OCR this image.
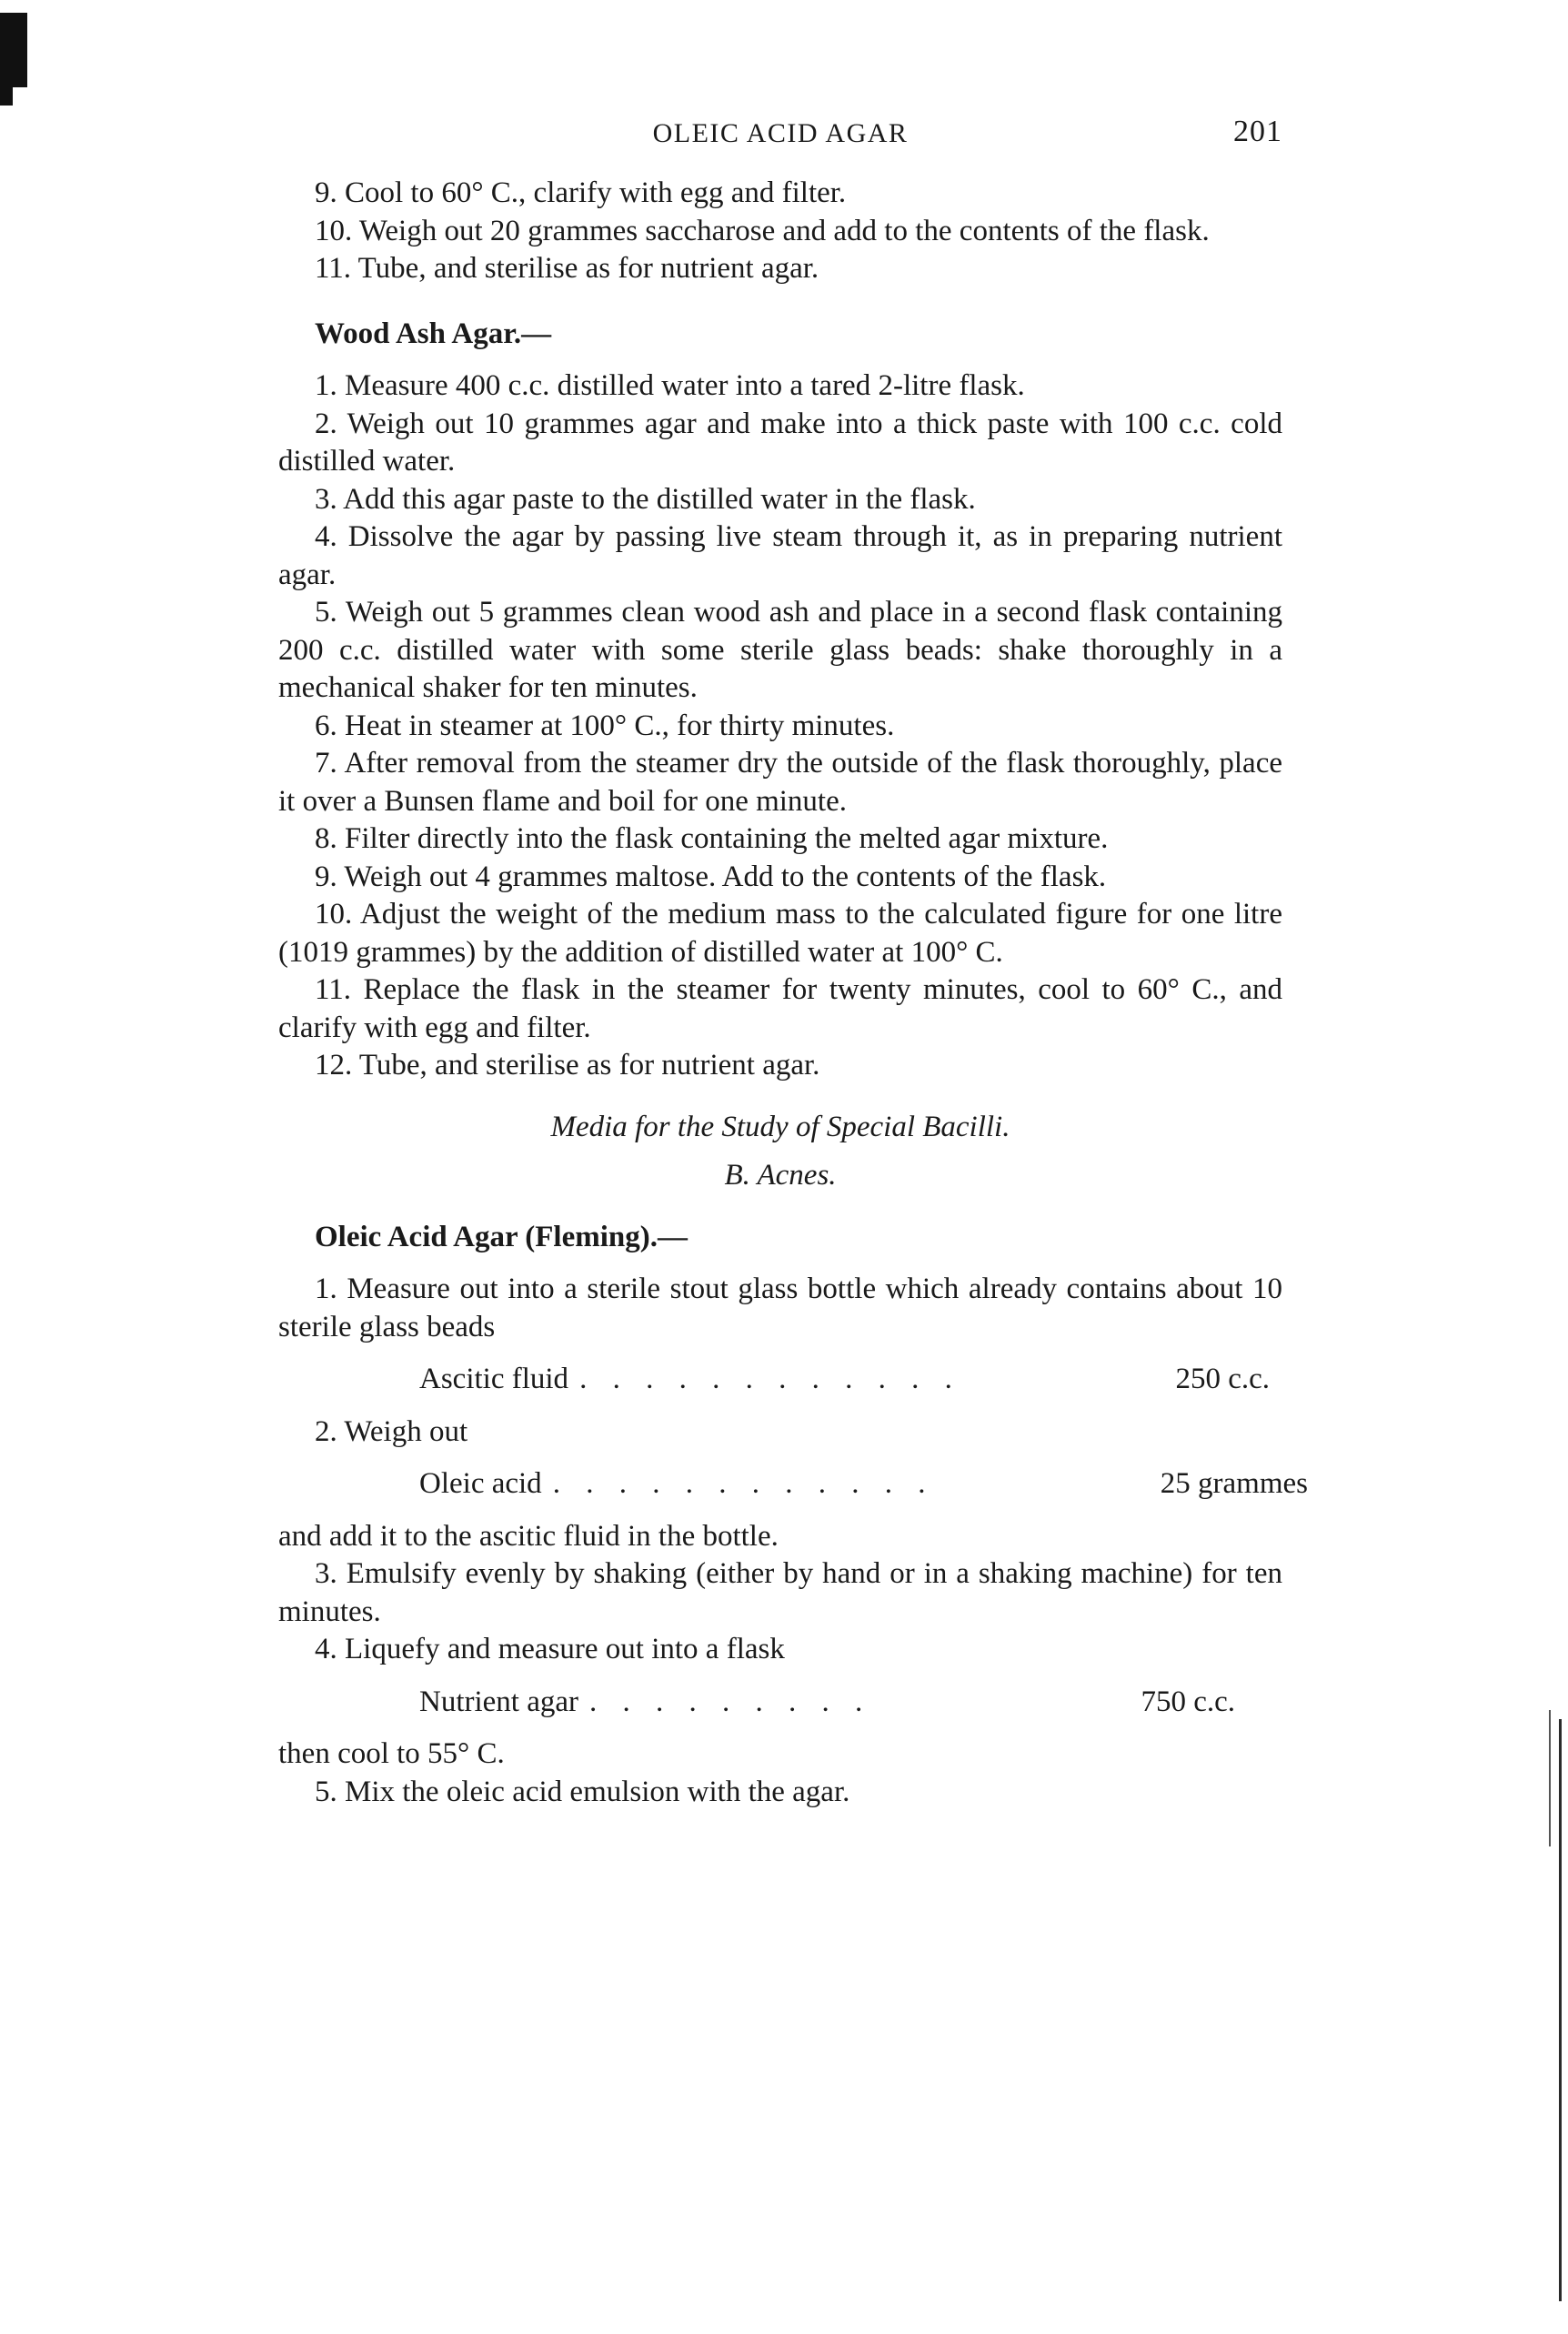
OLEIC ACID AGAR	201

9. Cool to 60° C., clarify with egg and filter.

10. Weigh out 20 grammes saccharose and add to the contents of the flask.

11. Tube, and sterilise as for nutrient agar.

Wood Ash Agar.—

1. Measure 400 c.c. distilled water into a tared 2-litre flask.

2. Weigh out 10 grammes agar and make into a thick paste with 100 c.c. cold distilled water.

3. Add this agar paste to the distilled water in the flask.

4. Dissolve the agar by passing live steam through it, as in preparing nutrient agar.

5. Weigh out 5 grammes clean wood ash and place in a second flask containing 200 c.c. distilled water with some sterile glass beads: shake thoroughly in a mechanical shaker for ten minutes.

6. Heat in steamer at 100° C., for thirty minutes.

7. After removal from the steamer dry the outside of the flask thoroughly, place it over a Bunsen flame and boil for one minute.

8. Filter directly into the flask containing the melted agar mixture.

9. Weigh out 4 grammes maltose. Add to the contents of the flask.

10. Adjust the weight of the medium mass to the calculated figure for one litre (1019 grammes) by the addition of distilled water at 100° C.

11. Replace the flask in the steamer for twenty minutes, cool to 60° C., and clarify with egg and filter.

12. Tube, and sterilise as for nutrient agar.

Media for the Study of Special Bacilli.
B. Acnes.
Oleic Acid Agar (Fleming).—

1. Measure out into a sterile stout glass bottle which already contains about 10 sterile glass beads

Ascitic fluid . . . . . . . . . . . .	250 c.c.

2. Weigh out

Oleic acid . . . . . . . . . . . .	25 grammes

and add it to the ascitic fluid in the bottle.

3. Emulsify evenly by shaking (either by hand or in a shaking machine) for ten minutes.

4. Liquefy and measure out into a flask

Nutrient agar . . . . . . . . .	750 c.c.

then cool to 55° C.

5. Mix the oleic acid emulsion with the agar.
